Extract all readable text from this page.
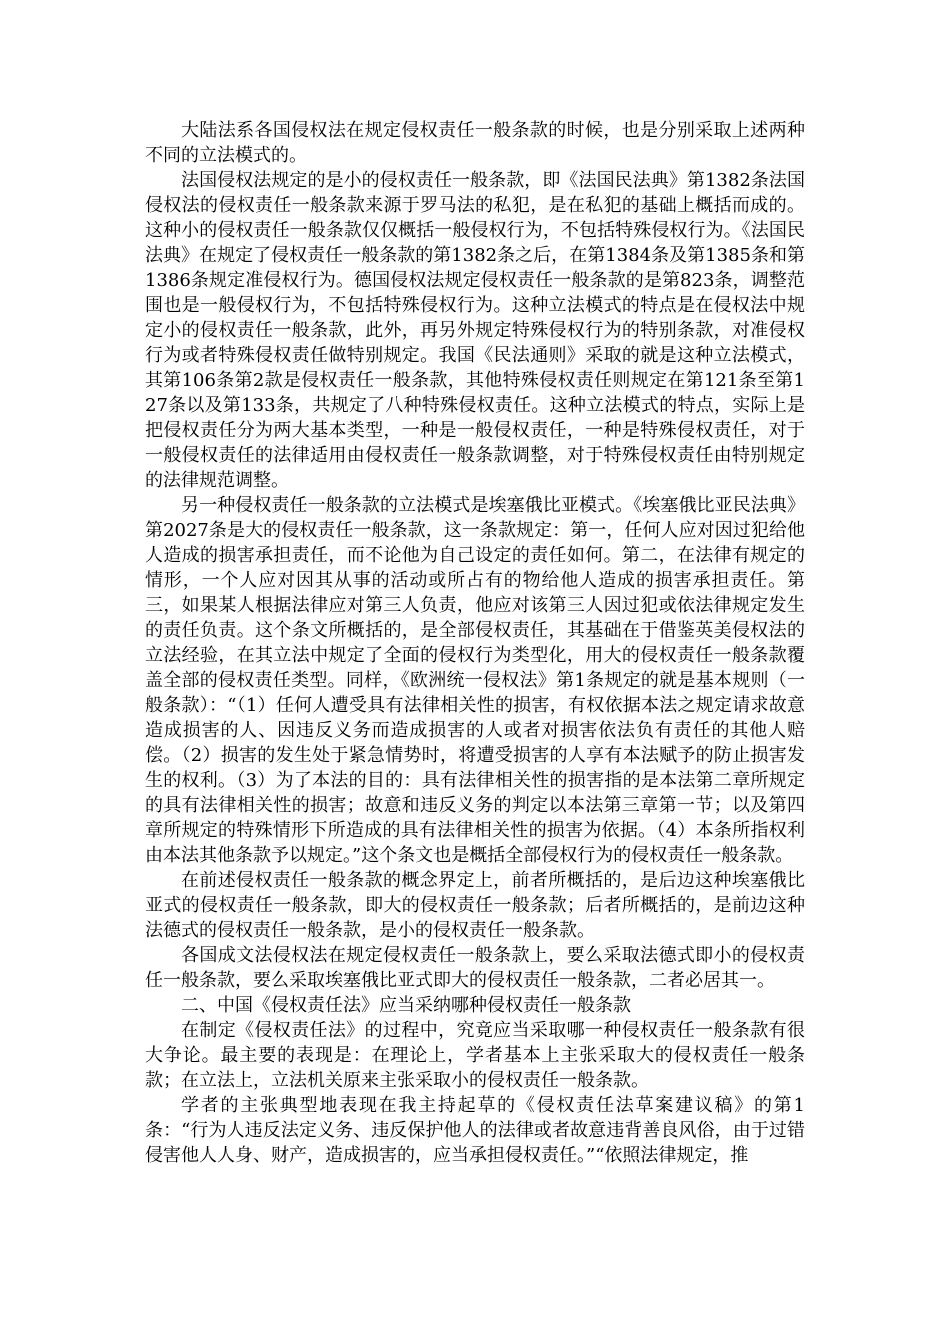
大陆法系各国侵权法在规定侵权责任一般条款的时候，也是分别采取上述两种不同的立法模式的。

法国侵权法规定的是小的侵权责任一般条款，即《法国民法典》第1382条法国侵权法的侵权责任一般条款来源于罗马法的私犯，是在私犯的基础上概括而成的。这种小的侵权责任一般条款仅仅概括一般侵权行为，不包括特殊侵权行为。《法国民法典》在规定了侵权责任一般条款的第1382条之后，在第1384条及第1385条和第1386条规定准侵权行为。德国侵权法规定侵权责任一般条款的是第823条，调整范围也是一般侵权行为，不包括特殊侵权行为。这种立法模式的特点是在侵权法中规定小的侵权责任一般条款，此外，再另外规定特殊侵权行为的特别条款，对准侵权行为或者特殊侵权责任做特别规定。我国《民法通则》采取的就是这种立法模式，其第106条第2款是侵权责任一般条款，其他特殊侵权责任则规定在第121条至第127条以及第133条，共规定了八种特殊侵权责任。这种立法模式的特点，实际上是把侵权责任分为两大基本类型，一种是一般侵权责任，一种是特殊侵权责任，对于一般侵权责任的法律适用由侵权责任一般条款调整，对于特殊侵权责任由特别规定的法律规范调整。

另一种侵权责任一般条款的立法模式是埃塞俄比亚模式。《埃塞俄比亚民法典》第2027条是大的侵权责任一般条款，这一条款规定：第一，任何人应对因过犯给他人造成的损害承担责任，而不论他为自己设定的责任如何。第二，在法律有规定的情形，一个人应对因其从事的活动或所占有的物给他人造成的损害承担责任。第三，如果某人根据法律应对第三人负责，他应对该第三人因过犯或依法律规定发生的责任负责。这个条文所概括的，是全部侵权责任，其基础在于借鉴英美侵权法的立法经验，在其立法中规定了全面的侵权行为类型化，用大的侵权责任一般条款覆盖全部的侵权责任类型。同样，《欧洲统一侵权法》第1条规定的就是基本规则（一般条款）：“（1）任何人遭受具有法律相关性的损害，有权依据本法之规定请求故意造成损害的人、因违反义务而造成损害的人或者对损害依法负有责任的其他人赔偿。（2）损害的发生处于紧急情势时，将遭受损害的人享有本法赋予的防止损害发生的权利。（3）为了本法的目的：具有法律相关性的损害指的是本法第二章所规定的具有法律相关性的损害；故意和违反义务的判定以本法第三章第一节；以及第四章所规定的特殊情形下所造成的具有法律相关性的损害为依据。（4）本条所指权利由本法其他条款予以规定。”这个条文也是概括全部侵权行为的侵权责任一般条款。

在前述侵权责任一般条款的概念界定上，前者所概括的，是后边这种埃塞俄比亚式的侵权责任一般条款，即大的侵权责任一般条款；后者所概括的，是前边这种法德式的侵权责任一般条款，是小的侵权责任一般条款。

各国成文法侵权法在规定侵权责任一般条款上，要么采取法德式即小的侵权责任一般条款，要么采取埃塞俄比亚式即大的侵权责任一般条款，二者必居其一。

二、中国《侵权责任法》应当采纳哪种侵权责任一般条款

在制定《侵权责任法》的过程中，究竟应当采取哪一种侵权责任一般条款有很大争论。最主要的表现是：在理论上，学者基本上主张采取大的侵权责任一般条款；在立法上，立法机关原来主张采取小的侵权责任一般条款。

学者的主张典型地表现在我主持起草的《侵权责任法草案建议稿》的第1条：“行为人违反法定义务、违反保护他人的法律或者故意违背善良风俗，由于过错侵害他人人身、财产，造成损害的，应当承担侵权责任。”“依照法律规定，推
